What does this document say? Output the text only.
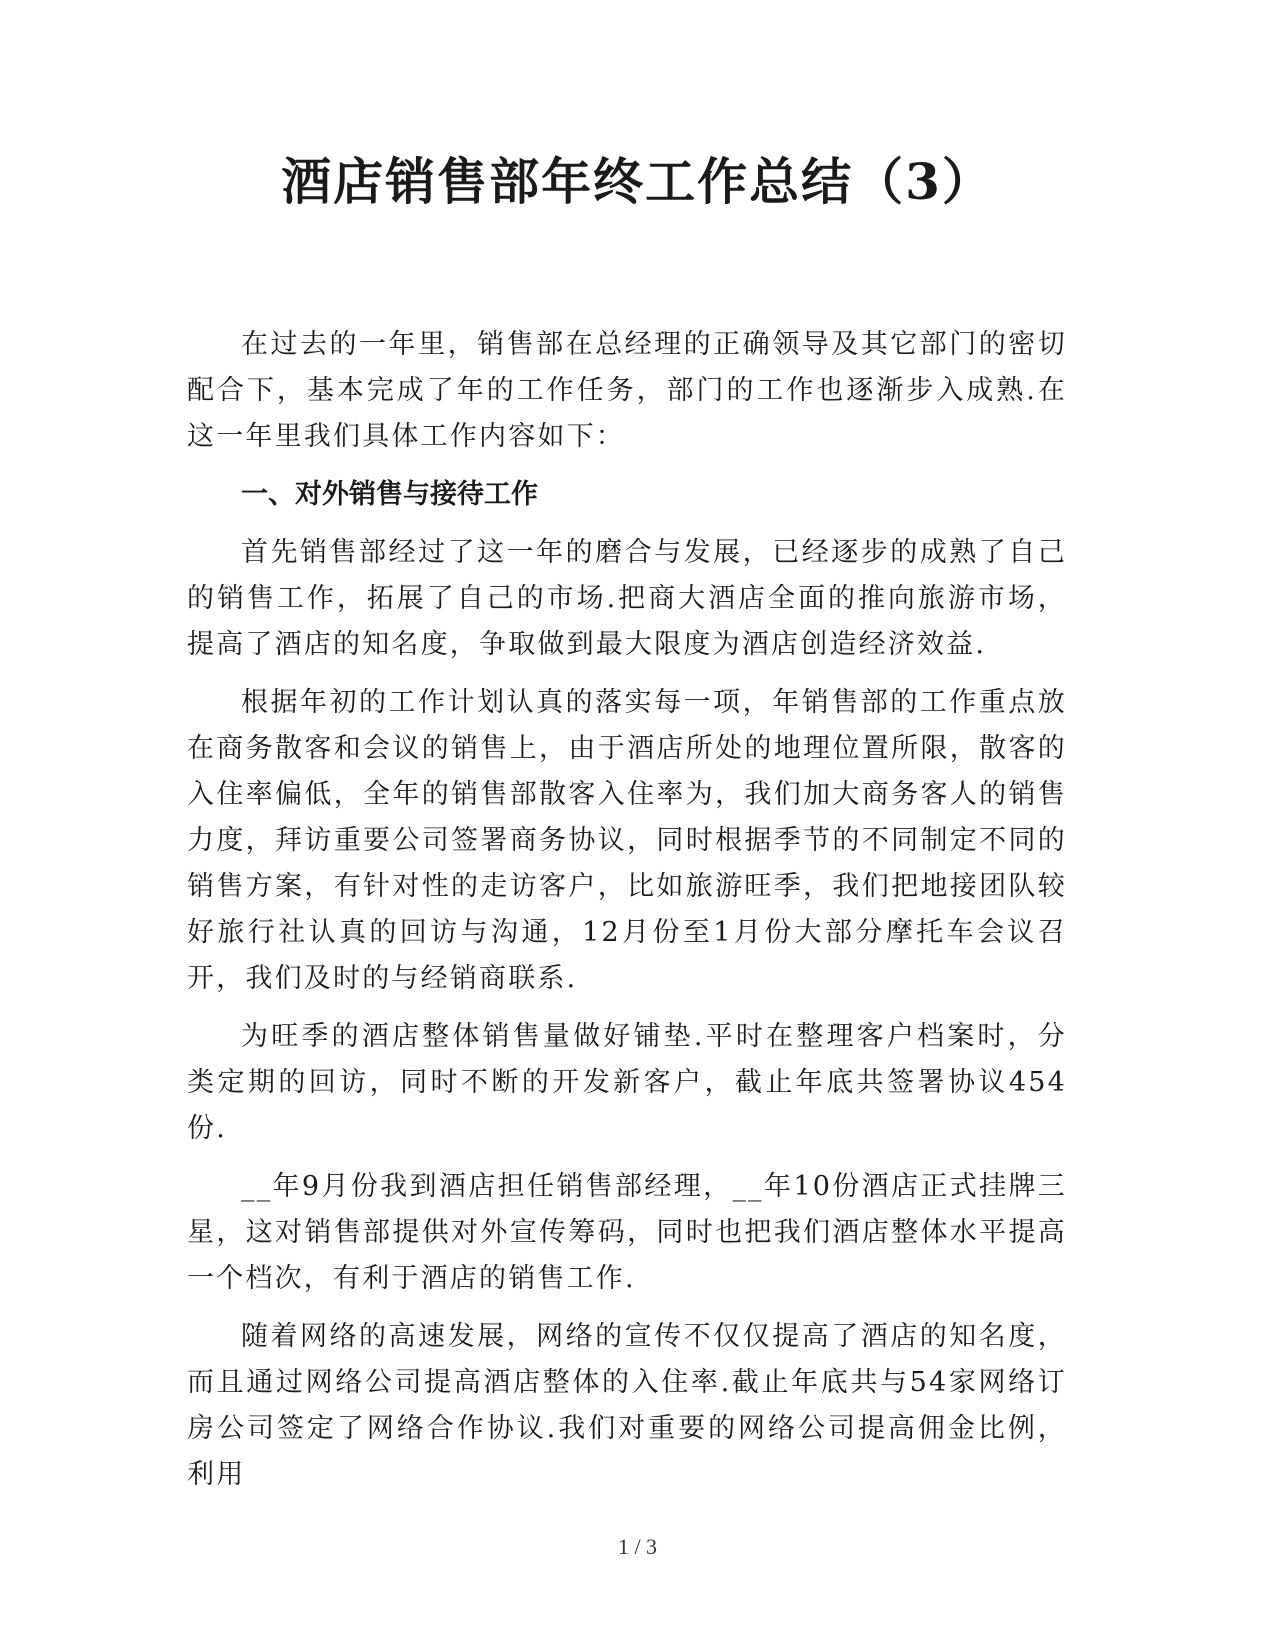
酒店销售部年终工作总结（3）

在过去的一年里，销售部在总经理的正确领导及其它部门的密切配合下，基本完成了年的工作任务，部门的工作也逐渐步入成熟.在这一年里我们具体工作内容如下：

一、对外销售与接待工作

首先销售部经过了这一年的磨合与发展，已经逐步的成熟了自己的销售工作，拓展了自己的市场.把商大酒店全面的推向旅游市场，提高了酒店的知名度，争取做到最大限度为酒店创造经济效益.

根据年初的工作计划认真的落实每一项，年销售部的工作重点放在商务散客和会议的销售上，由于酒店所处的地理位置所限，散客的入住率偏低，全年的销售部散客入住率为，我们加大商务客人的销售力度，拜访重要公司签署商务协议，同时根据季节的不同制定不同的销售方案，有针对性的走访客户，比如旅游旺季，我们把地接团队较好旅行社认真的回访与沟通，12月份至1月份大部分摩托车会议召开，我们及时的与经销商联系.

为旺季的酒店整体销售量做好铺垫.平时在整理客户档案时，分类定期的回访，同时不断的开发新客户，截止年底共签署协议454份.

__年9月份我到酒店担任销售部经理，__年10份酒店正式挂牌三星，这对销售部提供对外宣传筹码，同时也把我们酒店整体水平提高一个档次，有利于酒店的销售工作.

随着网络的高速发展，网络的宣传不仅仅提高了酒店的知名度，而且通过网络公司提高酒店整体的入住率.截止年底共与54家网络订房公司签定了网络合作协议.我们对重要的网络公司提高佣金比例，利用

1 / 3
